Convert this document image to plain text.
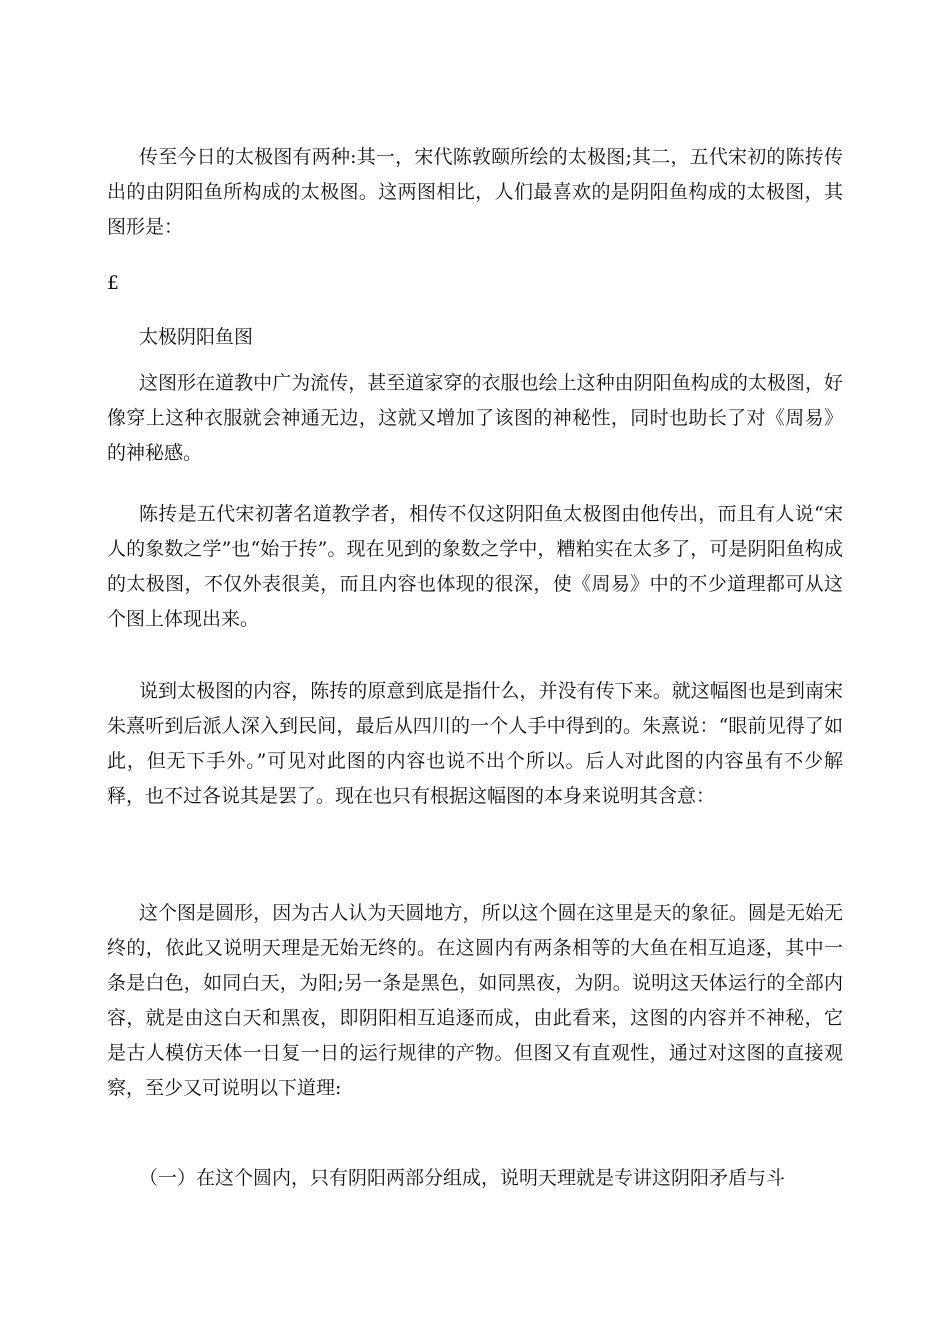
传至今日的太极图有两种:其一，宋代陈敦颐所绘的太极图;其二，五代宋初的陈抟传出的由阴阳鱼所构成的太极图。这两图相比，人们最喜欢的是阴阳鱼构成的太极图，其图形是：

£

太极阴阳鱼图

这图形在道教中广为流传，甚至道家穿的衣服也绘上这种由阴阳鱼构成的太极图，好像穿上这种衣服就会神通无边，这就又增加了该图的神秘性，同时也助长了对《周易》的神秘感。

陈抟是五代宋初著名道教学者，相传不仅这阴阳鱼太极图由他传出，而且有人说“宋人的象数之学”也“始于抟”。现在见到的象数之学中，糟粕实在太多了，可是阴阳鱼构成的太极图，不仅外表很美，而且内容也体现的很深，使《周易》中的不少道理都可从这个图上体现出来。

说到太极图的内容，陈抟的原意到底是指什么，并没有传下来。就这幅图也是到南宋朱熹听到后派人深入到民间，最后从四川的一个人手中得到的。朱熹说：“眼前见得了如此，但无下手外。”可见对此图的内容也说不出个所以。后人对此图的内容虽有不少解释，也不过各说其是罢了。现在也只有根据这幅图的本身来说明其含意：

这个图是圆形，因为古人认为天圆地方，所以这个圆在这里是天的象征。圆是无始无终的，依此又说明天理是无始无终的。在这圆内有两条相等的大鱼在相互追逐，其中一条是白色，如同白天，为阳;另一条是黑色，如同黑夜，为阴。说明这天体运行的全部内容，就是由这白天和黑夜，即阴阳相互追逐而成，由此看来，这图的内容并不神秘，它是古人模仿天体一日复一日的运行规律的产物。但图又有直观性，通过对这图的直接观察，至少又可说明以下道理:

（一）在这个圆内，只有阴阳两部分组成，说明天理就是专讲这阴阳矛盾与斗
